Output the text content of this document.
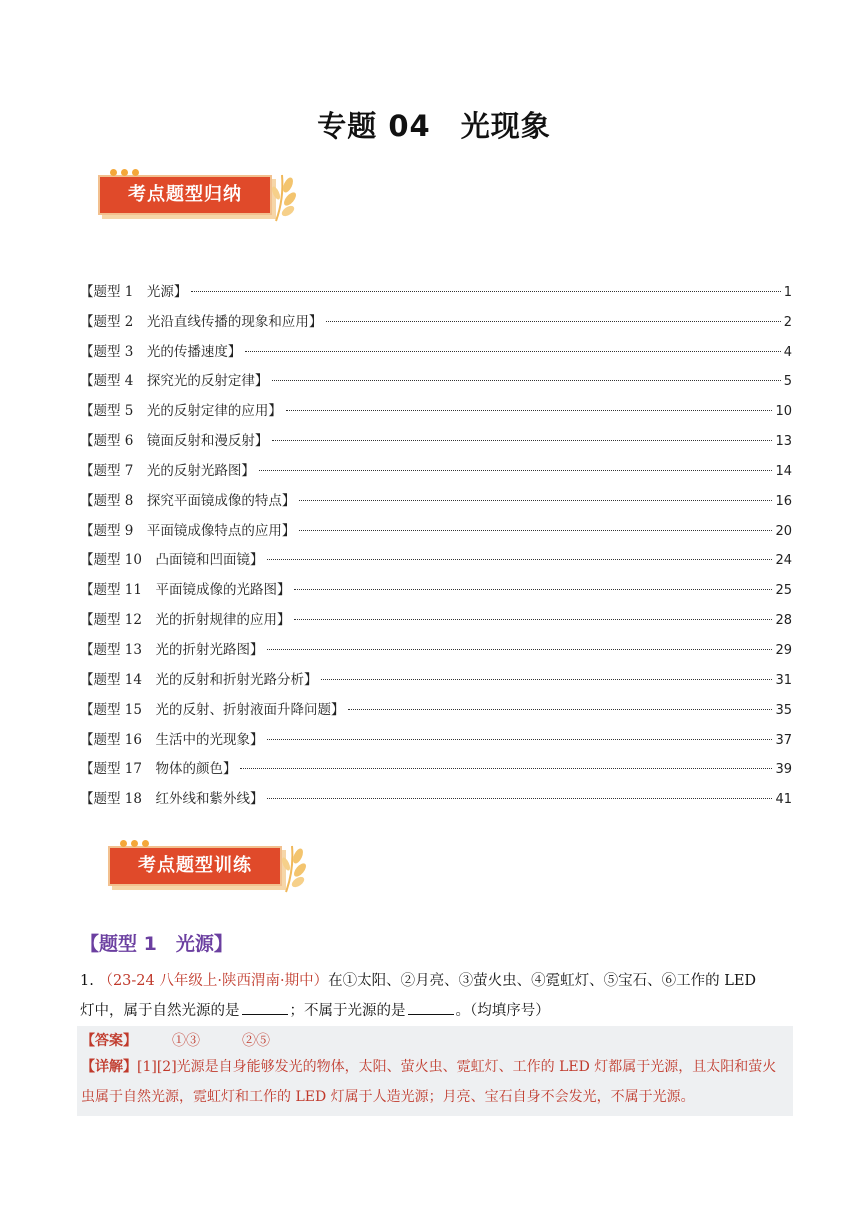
专题 04　光现象
考点题型归纳
【题型 1　光源】	1
【题型 2　光沿直线传播的现象和应用】	2
【题型 3　光的传播速度】	4
【题型 4　探究光的反射定律】	5
【题型 5　光的反射定律的应用】	10
【题型 6　镜面反射和漫反射】	13
【题型 7　光的反射光路图】	14
【题型 8　探究平面镜成像的特点】	16
【题型 9　平面镜成像特点的应用】	20
【题型 10　凸面镜和凹面镜】	24
【题型 11　平面镜成像的光路图】	25
【题型 12　光的折射规律的应用】	28
【题型 13　光的折射光路图】	29
【题型 14　光的反射和折射光路分析】	31
【题型 15　光的反射、折射液面升降问题】	35
【题型 16　生活中的光现象】	37
【题型 17　物体的颜色】	39
【题型 18　红外线和紫外线】	41
考点题型训练
【题型 1　光源】
1. （23-24 八年级上·陕西渭南·期中）在①太阳、②月亮、③萤火虫、④霓虹灯、⑤宝石、⑥工作的 LED
灯中，属于自然光源的是	；不属于光源的是	。（均填序号）
【答案】　　　	①③　　　	②⑤
【详解】[1][2]光源是自身能够发光的物体，太阳、萤火虫、霓虹灯、工作的 LED 灯都属于光源，且太阳和萤火虫属于自然光源，霓虹灯和工作的 LED 灯属于人造光源；月亮、宝石自身不会发光，不属于光源。
